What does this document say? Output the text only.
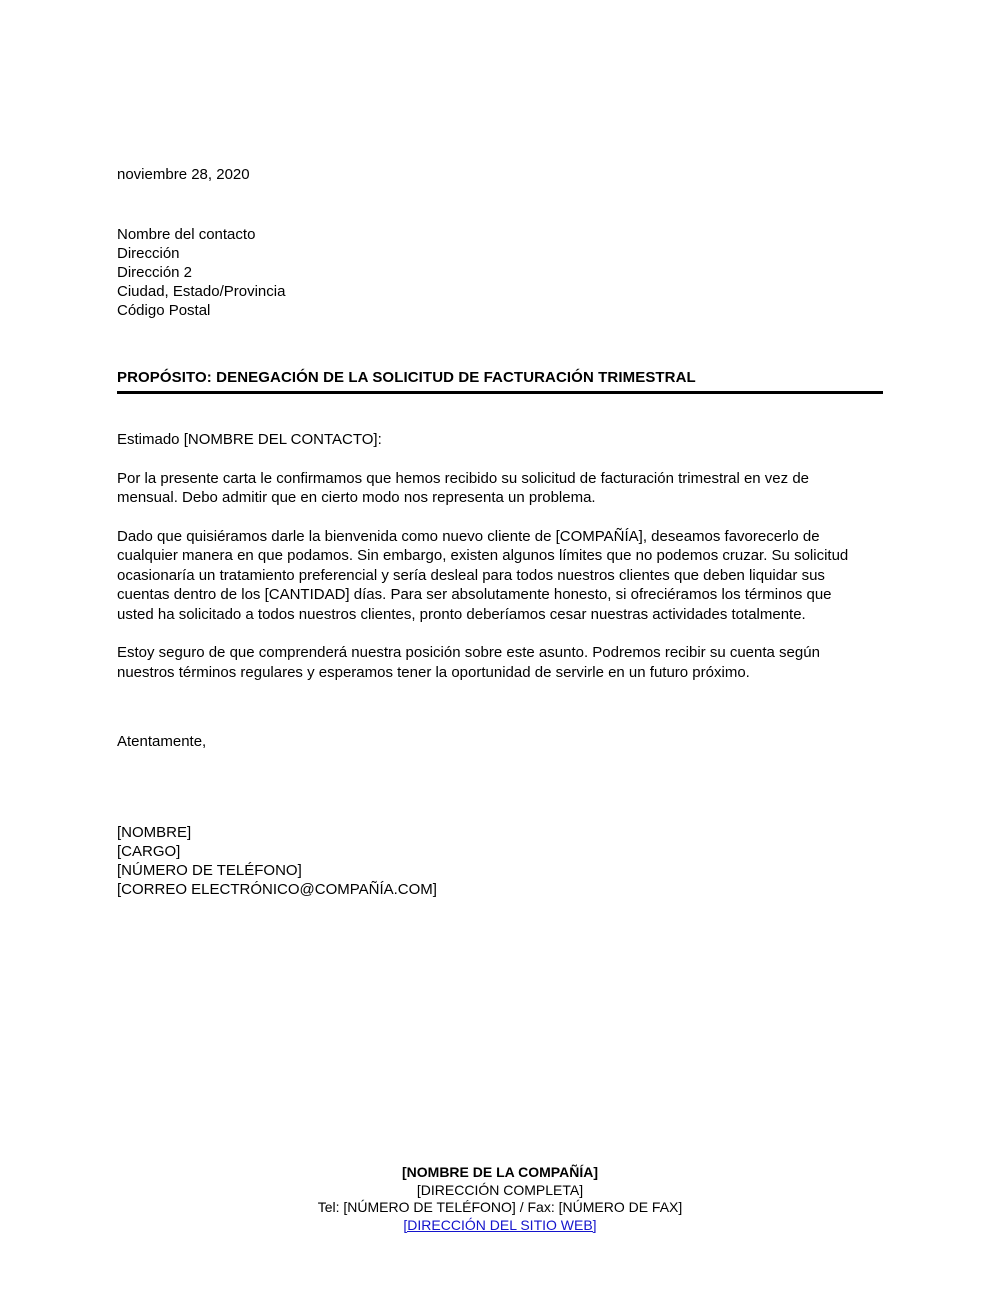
noviembre 28, 2020
Nombre del contacto
Dirección
Dirección 2
Ciudad, Estado/Provincia
Código Postal
PROPÓSITO: DENEGACIÓN DE LA SOLICITUD DE FACTURACIÓN TRIMESTRAL

Estimado [NOMBRE DEL CONTACTO]:

Por la presente carta le confirmamos que hemos recibido su solicitud de facturación trimestral en vez de mensual. Debo admitir que en cierto modo nos representa un problema.

Dado que quisiéramos darle la bienvenida como nuevo cliente de [COMPAÑÍA], deseamos favorecerlo de cualquier manera en que podamos. Sin embargo, existen algunos límites que no podemos cruzar. Su solicitud ocasionaría un tratamiento preferencial y sería desleal para todos nuestros clientes que deben liquidar sus cuentas dentro de los [CANTIDAD] días. Para ser absolutamente honesto, si ofreciéramos los términos que usted ha solicitado a todos nuestros clientes, pronto deberíamos cesar nuestras actividades totalmente.

Estoy seguro de que comprenderá nuestra posición sobre este asunto. Podremos recibir su cuenta según nuestros términos regulares y esperamos tener la oportunidad de servirle en un futuro próximo.

Atentamente,
[NOMBRE]
[CARGO]
[NÚMERO DE TELÉFONO]
[CORREO ELECTRÓNICO@COMPAÑÍA.COM]
[NOMBRE DE LA COMPAÑÍA]
[DIRECCIÓN COMPLETA]
Tel: [NÚMERO DE TELÉFONO] / Fax: [NÚMERO DE FAX]
[DIRECCIÓN DEL SITIO WEB]
